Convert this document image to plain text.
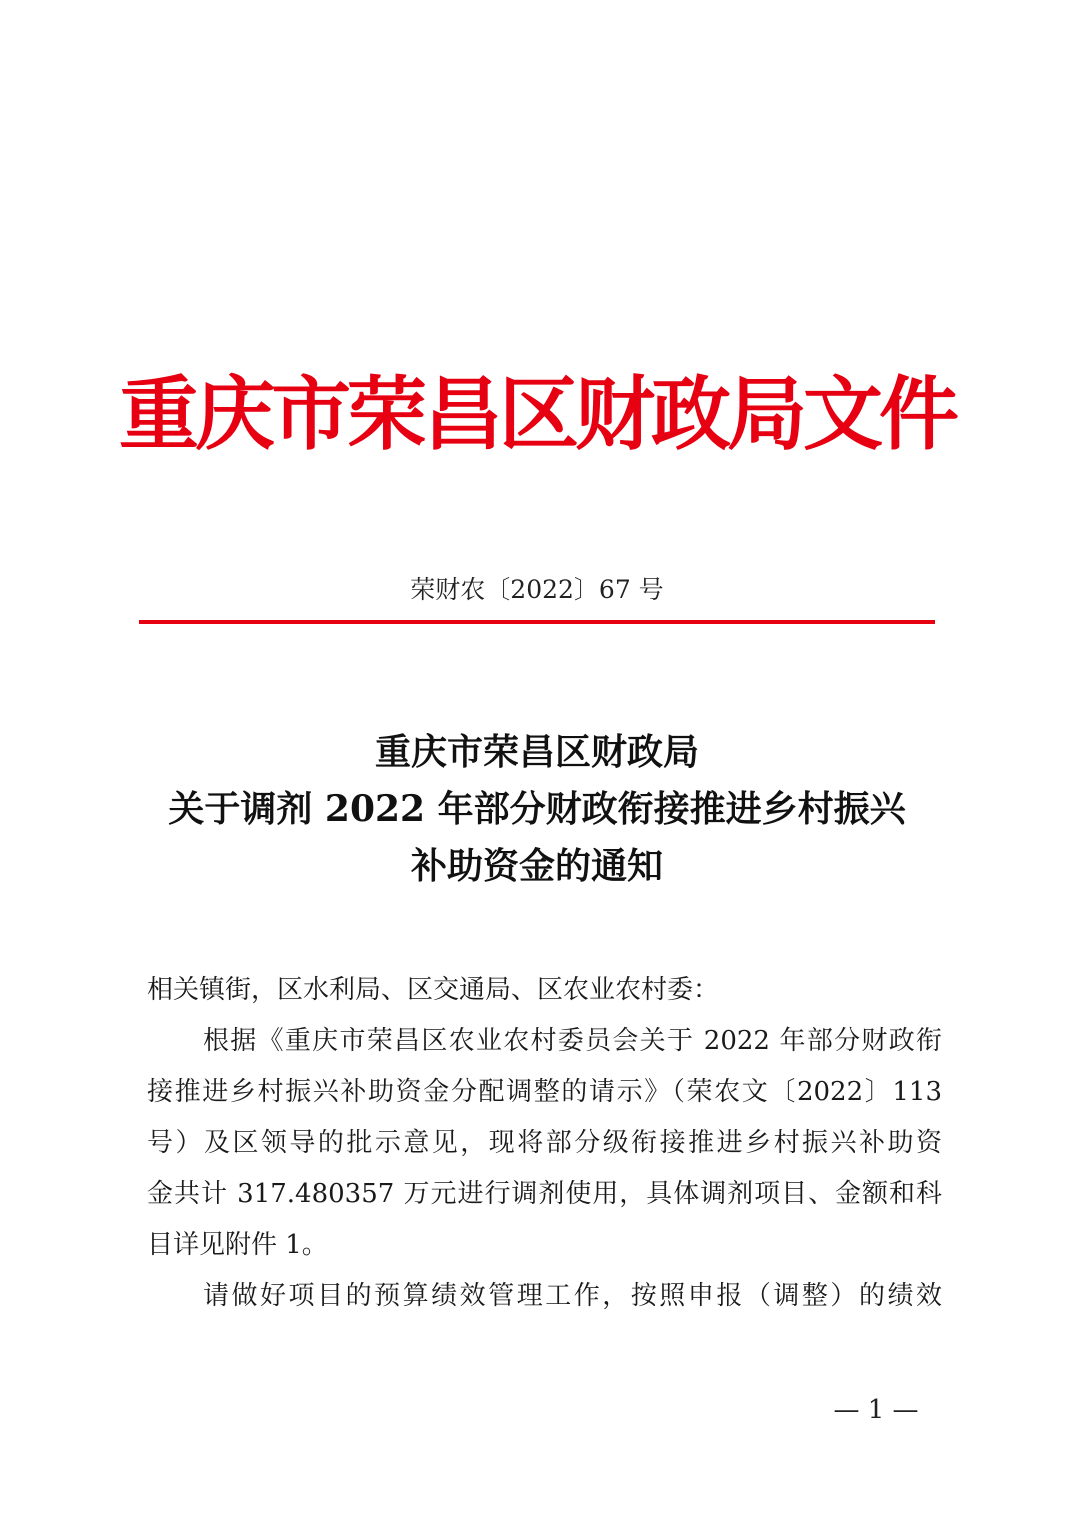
重庆市荣昌区财政局文件
荣财农〔2022〕67 号
重庆市荣昌区财政局
关于调剂 2022 年部分财政衔接推进乡村振兴
补助资金的通知
相关镇街，区水利局、区交通局、区农业农村委：
根据《重庆市荣昌区农业农村委员会关于 2022 年部分财政衔
接推进乡村振兴补助资金分配调整的请示》（荣农文〔2022〕113
号）及区领导的批示意见，现将部分级衔接推进乡村振兴补助资
金共计 317.480357 万元进行调剂使用，具体调剂项目、金额和科
目详见附件 1。
请做好项目的预算绩效管理工作，按照申报（调整）的绩效
— 1 —
